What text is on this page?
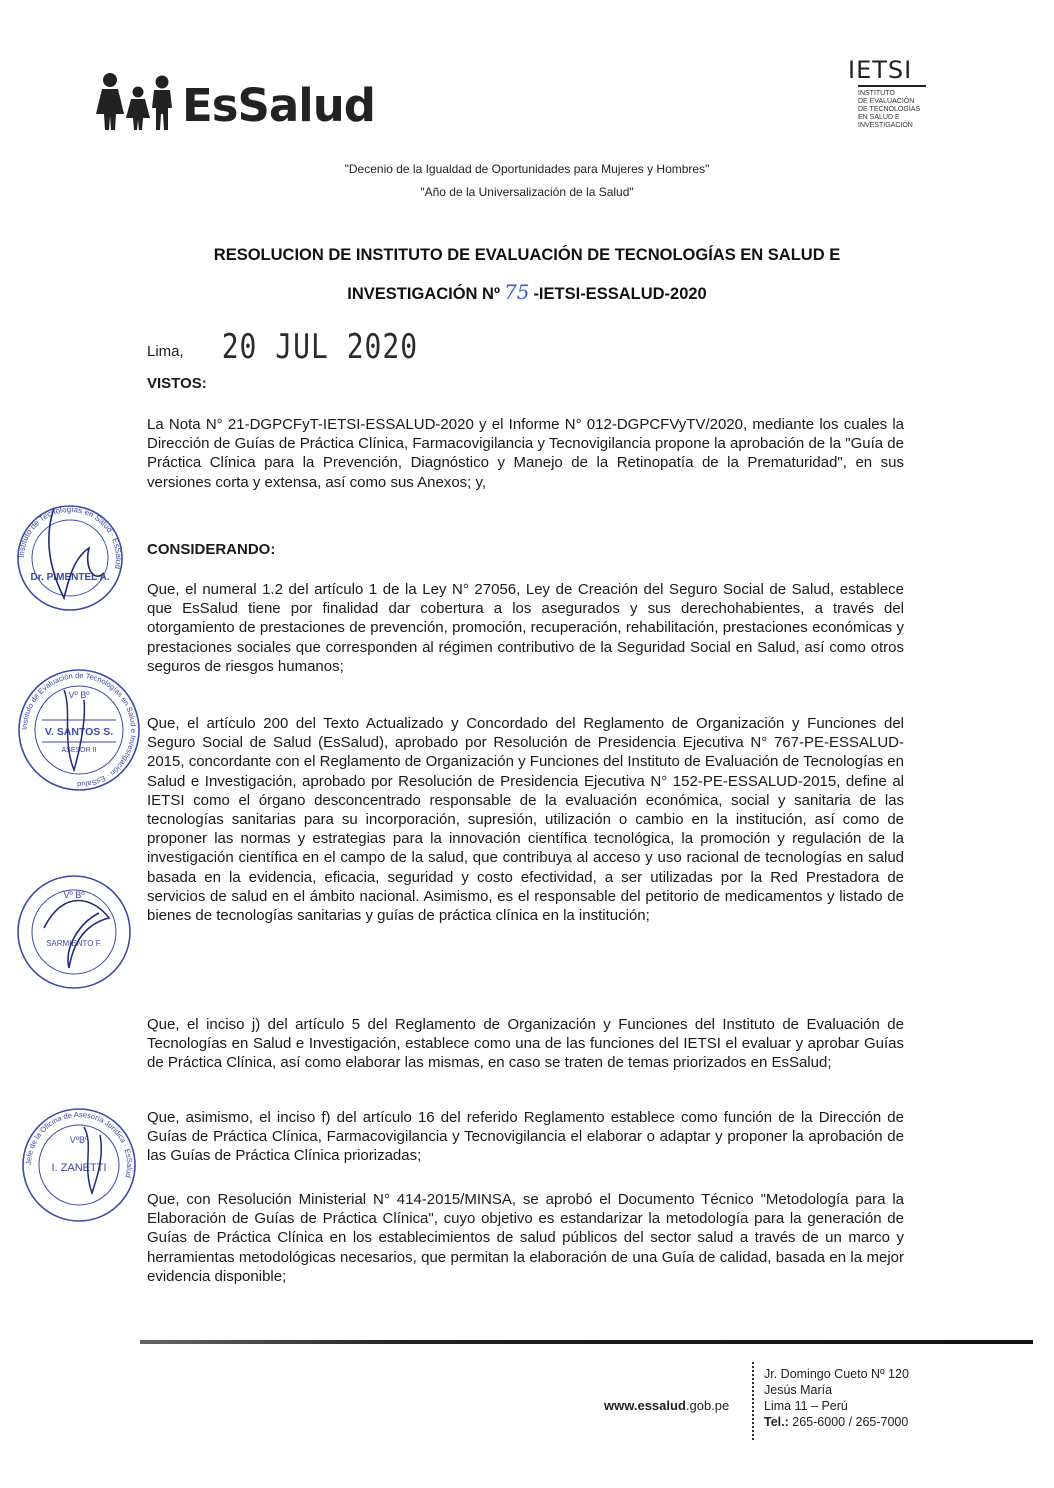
EsSalud
IETSI
INSTITUTO
DE EVALUACIÓN
DE TECNOLOGÍAS
EN SALUD E
INVESTIGACIÓN
"Decenio de la Igualdad de Oportunidades para Mujeres y Hombres"
"Año de la Universalización de la Salud"
RESOLUCION DE INSTITUTO DE EVALUACIÓN DE TECNOLOGÍAS EN SALUD E
INVESTIGACIÓN Nº 75 -IETSI-ESSALUD-2020
Lima, 20 JUL 2020
VISTOS:
La Nota N° 21-DGPCFyT-IETSI-ESSALUD-2020 y el Informe N° 012-DGPCFVyTV/2020, mediante los cuales la Dirección de Guías de Práctica Clínica, Farmacovigilancia y Tecnovigilancia propone la aprobación de la "Guía de Práctica Clínica para la Prevención, Diagnóstico y Manejo de la Retinopatía de la Prematuridad", en sus versiones corta y extensa, así como sus Anexos; y,
CONSIDERANDO:
Que, el numeral 1.2 del artículo 1 de la Ley N° 27056, Ley de Creación del Seguro Social de Salud, establece que EsSalud tiene por finalidad dar cobertura a los asegurados y sus derechohabientes, a través del otorgamiento de prestaciones de prevención, promoción, recuperación, rehabilitación, prestaciones económicas y prestaciones sociales que corresponden al régimen contributivo de la Seguridad Social en Salud, así como otros seguros de riesgos humanos;
Que, el artículo 200 del Texto Actualizado y Concordado del Reglamento de Organización y Funciones del Seguro Social de Salud (EsSalud), aprobado por Resolución de Presidencia Ejecutiva N° 767-PE-ESSALUD-2015, concordante con el Reglamento de Organización y Funciones del Instituto de Evaluación de Tecnologías en Salud e Investigación, aprobado por Resolución de Presidencia Ejecutiva N° 152-PE-ESSALUD-2015, define al IETSI como el órgano desconcentrado responsable de la evaluación económica, social y sanitaria de las tecnologías sanitarias para su incorporación, supresión, utilización o cambio en la institución, así como de proponer las normas y estrategias para la innovación científica tecnológica, la promoción y regulación de la investigación científica en el campo de la salud, que contribuya al acceso y uso racional de tecnologías en salud basada en la evidencia, eficacia, seguridad y costo efectividad, a ser utilizadas por la Red Prestadora de servicios de salud en el ámbito nacional. Asimismo, es el responsable del petitorio de medicamentos y listado de bienes de tecnologías sanitarias y guías de práctica clínica en la institución;
Que, el inciso j) del artículo 5 del Reglamento de Organización y Funciones del Instituto de Evaluación de Tecnologías en Salud e Investigación, establece como una de las funciones del IETSI el evaluar y aprobar Guías de Práctica Clínica, así como elaborar las mismas, en caso se traten de temas priorizados en EsSalud;
Que, asimismo, el inciso f) del artículo 16 del referido Reglamento establece como función de la Dirección de Guías de Práctica Clínica, Farmacovigilancia y Tecnovigilancia el elaborar o adaptar y proponer la aprobación de las Guías de Práctica Clínica priorizadas;
Que, con Resolución Ministerial N° 414-2015/MINSA, se aprobó el Documento Técnico "Metodología para la Elaboración de Guías de Práctica Clínica", cuyo objetivo es estandarizar la metodología para la generación de Guías de Práctica Clínica en los establecimientos de salud públicos del sector salud a través de un marco y herramientas metodológicas necesarios, que permitan la elaboración de una Guía de calidad, basada en la mejor evidencia disponible;
Instituto de Tecnologías en Salud · EsSalud
Dr. PIMENTEL A.
Instituto de Evaluación de Tecnologías en Salud e Investigación · EsSalud
Vº Bº
V. SANTOS S.
ASESOR II
Vº Bº
SARMIENTO F.
Jefe de la Oficina de Asesoría Jurídica · EsSalud
VºBº
I. ZANETTI
www.essalud.gob.pe
Jr. Domingo Cueto Nº 120
Jesús María
Lima 11 – Perú
Tel.: 265-6000 / 265-7000
